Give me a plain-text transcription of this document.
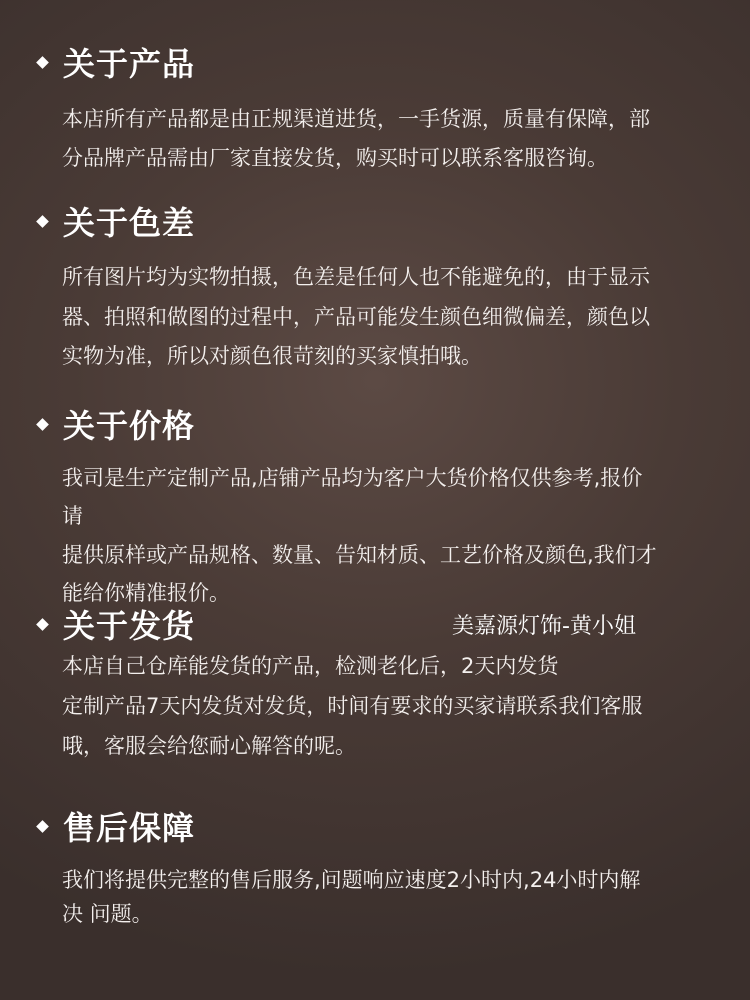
关于产品
本店所有产品都是由正规渠道进货，一手货源，质量有保障，部
分品牌产品需由厂家直接发货，购买时可以联系客服咨询。
关于色差
所有图片均为实物拍摄，色差是任何人也不能避免的，由于显示
器、拍照和做图的过程中，产品可能发生颜色细微偏差，颜色以
实物为准，所以对颜色很苛刻的买家慎拍哦。
关于价格
我司是生产定制产品,店铺产品均为客户大货价格仅供参考,报价
请
提供原样或产品规格、数量、告知材质、工艺价格及颜色,我们才
能给你精准报价。
关于发货	美嘉源灯饰-黄小姐
本店自己仓库能发货的产品，检测老化后，2天内发货
定制产品7天内发货对发货，时间有要求的买家请联系我们客服
哦，客服会给您耐心解答的呢。
售后保障
我们将提供完整的售后服务,问题响应速度2小时内,24小时内解
决 问题。
